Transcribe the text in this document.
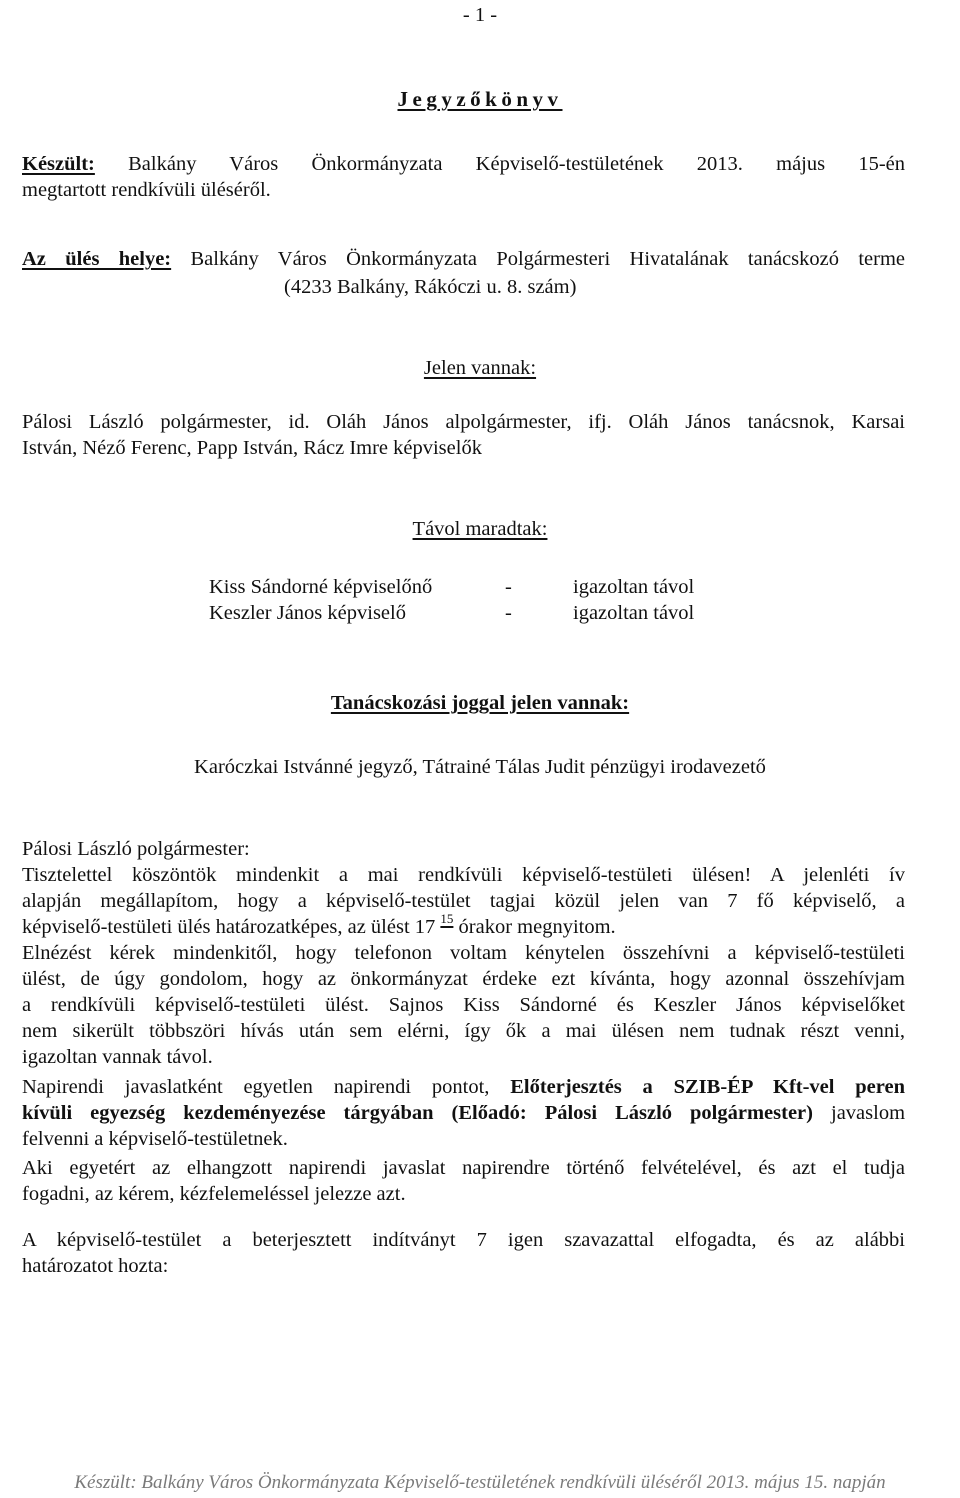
- 1 -
Jegyzőkönyv
Készült: Balkány Város Önkormányzata Képviselő-testületének 2013. május 15-én
megtartott rendkívüli üléséről.
Az ülés helye: Balkány Város Önkormányzata Polgármesteri Hivatalának tanácskozó terme
(4233 Balkány, Rákóczi u. 8. szám)
Jelen vannak:
Pálosi László polgármester, id. Oláh János alpolgármester, ifj. Oláh János tanácsnok, Karsai
István, Néző Ferenc, Papp István, Rácz Imre képviselők
Távol maradtak:
Kiss Sándorné képviselőnő	-	igazoltan távol
Keszler János képviselő	-	igazoltan távol
Tanácskozási joggal jelen vannak:
Karóczkai Istvánné jegyző, Tátrainé Tálas Judit pénzügyi irodavezető
Pálosi László polgármester:
Tisztelettel köszöntök mindenkit a mai rendkívüli képviselő-testületi ülésen! A jelenléti ív
alapján megállapítom, hogy a képviselő-testület tagjai közül jelen van 7 fő képviselő, a
képviselő-testületi ülés határozatképes, az ülést 17 $^{15}$ órakor megnyitom.
Elnézést kérek mindenkitől, hogy telefonon voltam kénytelen összehívni a képviselő-testületi
ülést, de úgy gondolom, hogy az önkormányzat érdeke ezt kívánta, hogy azonnal összehívjam
a rendkívüli képviselő-testületi ülést. Sajnos Kiss Sándorné és Keszler János képviselőket
nem sikerült többszöri hívás után sem elérni, így ők a mai ülésen nem tudnak részt venni,
igazoltan vannak távol.
Napirendi javaslatként egyetlen napirendi pontot, Előterjesztés a SZIB-ÉP Kft-vel peren
kívüli egyezség kezdeményezése tárgyában (Előadó: Pálosi László polgármester) javaslom
felvenni a képviselő-testületnek.
Aki egyetért az elhangzott napirendi javaslat napirendre történő felvételével, és azt el tudja
fogadni, az kérem, kézfelemeléssel jelezze azt.
A képviselő-testület a beterjesztett indítványt 7 igen szavazattal elfogadta, és az alábbi
határozatot hozta:
Készült: Balkány Város Önkormányzata Képviselő-testületének rendkívüli üléséről 2013. május 15. napján
